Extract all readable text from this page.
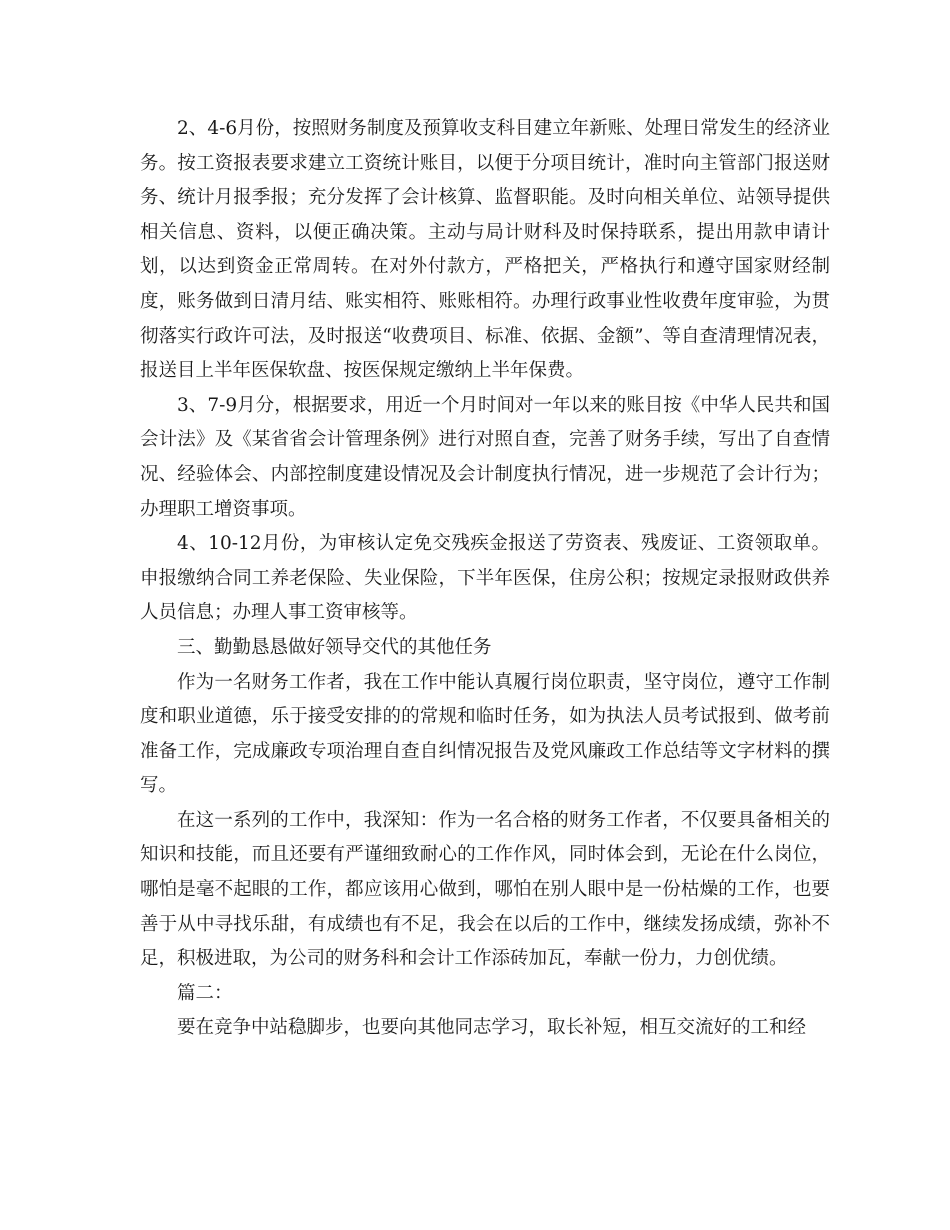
2、4-6月份，按照财务制度及预算收支科目建立年新账、处理日常发生的经济业务。按工资报表要求建立工资统计账目，以便于分项目统计，准时向主管部门报送财务、统计月报季报；充分发挥了会计核算、监督职能。及时向相关单位、站领导提供相关信息、资料，以便正确决策。主动与局计财科及时保持联系，提出用款申请计划，以达到资金正常周转。在对外付款方，严格把关，严格执行和遵守国家财经制度，账务做到日清月结、账实相符、账账相符。办理行政事业性收费年度审验，为贯彻落实行政许可法，及时报送“收费项目、标准、依据、金额”、等自查清理情况表，报送目上半年医保软盘、按医保规定缴纳上半年保费。

3、7-9月分，根据要求，用近一个月时间对一年以来的账目按《中华人民共和国会计法》及《某省省会计管理条例》进行对照自查，完善了财务手续，写出了自查情况、经验体会、内部控制度建设情况及会计制度执行情况，进一步规范了会计行为；办理职工增资事项。

4、10-12月份，为审核认定免交残疾金报送了劳资表、残废证、工资领取单。申报缴纳合同工养老保险、失业保险，下半年医保，住房公积；按规定录报财政供养人员信息；办理人事工资审核等。

三、勤勤恳恳做好领导交代的其他任务

作为一名财务工作者，我在工作中能认真履行岗位职责，坚守岗位，遵守工作制度和职业道德，乐于接受安排的的常规和临时任务，如为执法人员考试报到、做考前准备工作，完成廉政专项治理自查自纠情况报告及党风廉政工作总结等文字材料的撰写。

在这一系列的工作中，我深知：作为一名合格的财务工作者，不仅要具备相关的知识和技能，而且还要有严谨细致耐心的工作作风，同时体会到，无论在什么岗位，哪怕是毫不起眼的工作，都应该用心做到，哪怕在别人眼中是一份枯燥的工作，也要善于从中寻找乐甜，有成绩也有不足，我会在以后的工作中，继续发扬成绩，弥补不足，积极进取，为公司的财务科和会计工作添砖加瓦，奉献一份力，力创优绩。

篇二：

要在竞争中站稳脚步，也要向其他同志学习，取长补短，相互交流好的工和经
